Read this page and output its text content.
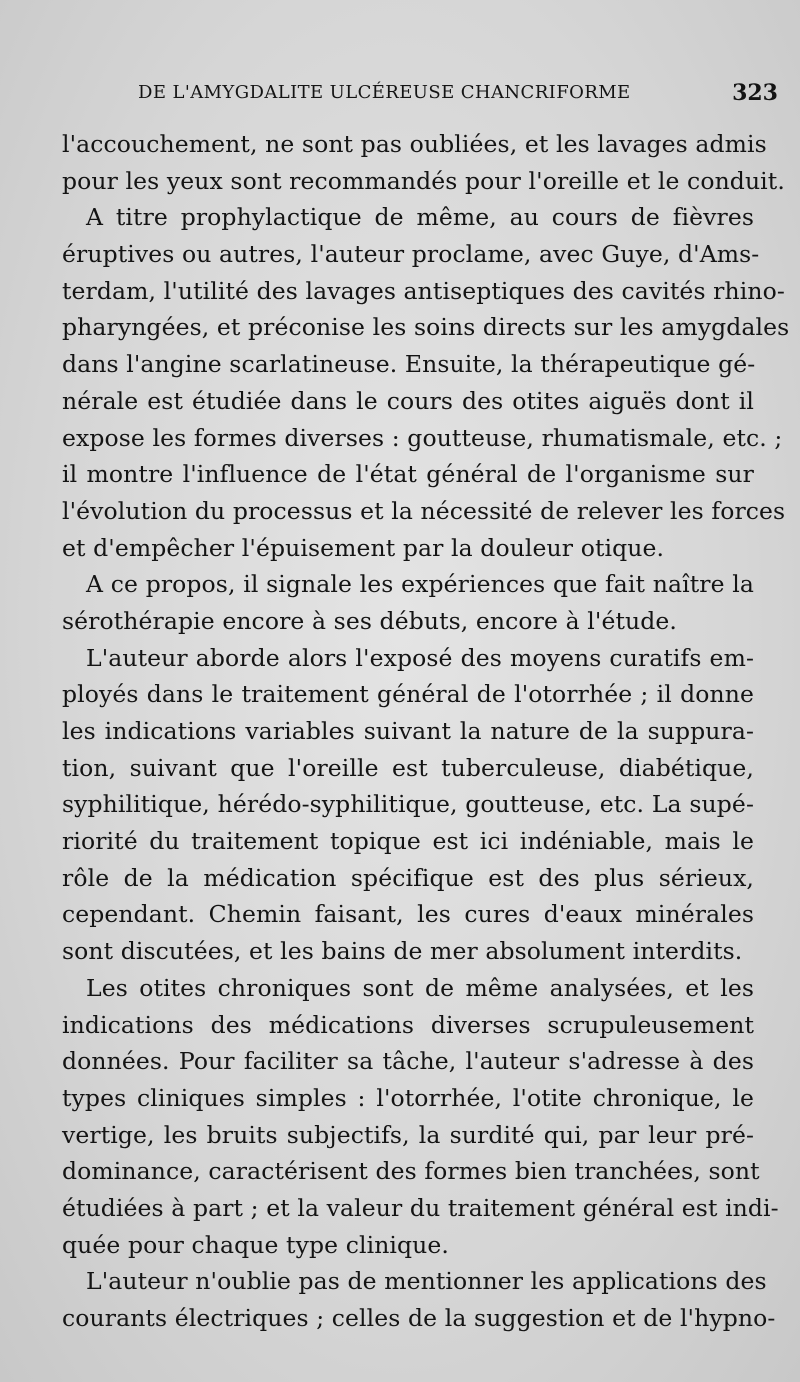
DE L'AMYGDALITE ULCÉREUSE CHANCRIFORME	323
l'accouchement, ne sont pas oubliées, et les lavages admis
pour les yeux sont recommandés pour l'oreille et le conduit.
A titre prophylactique de même, au cours de fièvres
éruptives ou autres, l'auteur proclame, avec Guye, d'Ams-
terdam, l'utilité des lavages antiseptiques des cavités rhino-
pharyngées, et préconise les soins directs sur les amygdales
dans l'angine scarlatineuse. Ensuite, la thérapeutique gé-
nérale est étudiée dans le cours des otites aiguës dont il
expose les formes diverses : goutteuse, rhumatismale, etc. ;
il montre l'influence de l'état général de l'organisme sur
l'évolution du processus et la nécessité de relever les forces
et d'empêcher l'épuisement par la douleur otique.
A ce propos, il signale les expériences que fait naître la
sérothérapie encore à ses débuts, encore à l'étude.
L'auteur aborde alors l'exposé des moyens curatifs em-
ployés dans le traitement général de l'otorrhée ; il donne
les indications variables suivant la nature de la suppura-
tion, suivant que l'oreille est tuberculeuse, diabétique,
syphilitique, hérédo-syphilitique, goutteuse, etc. La supé-
riorité du traitement topique est ici indéniable, mais le
rôle de la médication spécifique est des plus sérieux,
cependant. Chemin faisant, les cures d'eaux minérales
sont discutées, et les bains de mer absolument interdits.
Les otites chroniques sont de même analysées, et les
indications des médications diverses scrupuleusement
données. Pour faciliter sa tâche, l'auteur s'adresse à des
types cliniques simples : l'otorrhée, l'otite chronique, le
vertige, les bruits subjectifs, la surdité qui, par leur pré-
dominance, caractérisent des formes bien tranchées, sont
étudiées à part ; et la valeur du traitement général est indi-
quée pour chaque type clinique.
L'auteur n'oublie pas de mentionner les applications des
courants électriques ; celles de la suggestion et de l'hypno-
